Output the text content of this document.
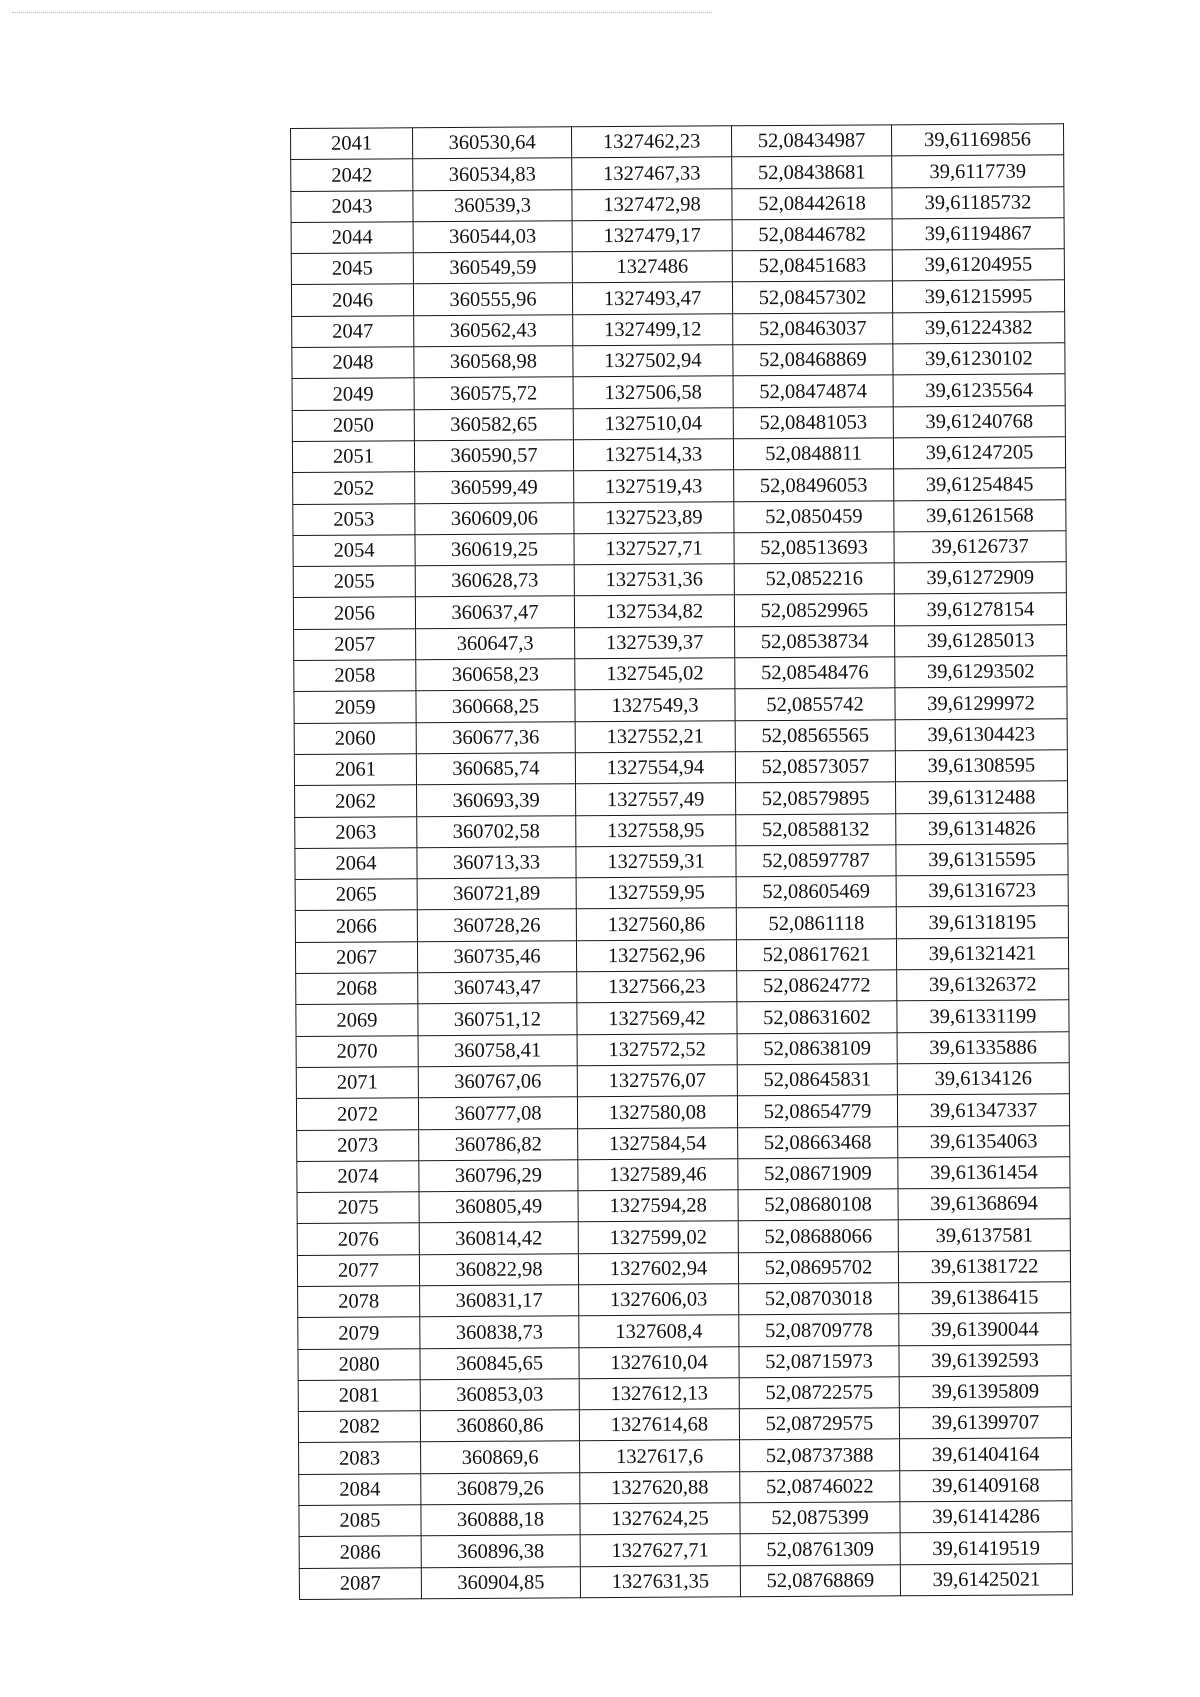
2041	360530,64	1327462,23	52,08434987	39,61169856
2042	360534,83	1327467,33	52,08438681	39,6117739
2043	360539,3	1327472,98	52,08442618	39,61185732
2044	360544,03	1327479,17	52,08446782	39,61194867
2045	360549,59	1327486	52,08451683	39,61204955
2046	360555,96	1327493,47	52,08457302	39,61215995
2047	360562,43	1327499,12	52,08463037	39,61224382
2048	360568,98	1327502,94	52,08468869	39,61230102
2049	360575,72	1327506,58	52,08474874	39,61235564
2050	360582,65	1327510,04	52,08481053	39,61240768
2051	360590,57	1327514,33	52,0848811	39,61247205
2052	360599,49	1327519,43	52,08496053	39,61254845
2053	360609,06	1327523,89	52,0850459	39,61261568
2054	360619,25	1327527,71	52,08513693	39,6126737
2055	360628,73	1327531,36	52,0852216	39,61272909
2056	360637,47	1327534,82	52,08529965	39,61278154
2057	360647,3	1327539,37	52,08538734	39,61285013
2058	360658,23	1327545,02	52,08548476	39,61293502
2059	360668,25	1327549,3	52,0855742	39,61299972
2060	360677,36	1327552,21	52,08565565	39,61304423
2061	360685,74	1327554,94	52,08573057	39,61308595
2062	360693,39	1327557,49	52,08579895	39,61312488
2063	360702,58	1327558,95	52,08588132	39,61314826
2064	360713,33	1327559,31	52,08597787	39,61315595
2065	360721,89	1327559,95	52,08605469	39,61316723
2066	360728,26	1327560,86	52,0861118	39,61318195
2067	360735,46	1327562,96	52,08617621	39,61321421
2068	360743,47	1327566,23	52,08624772	39,61326372
2069	360751,12	1327569,42	52,08631602	39,61331199
2070	360758,41	1327572,52	52,08638109	39,61335886
2071	360767,06	1327576,07	52,08645831	39,6134126
2072	360777,08	1327580,08	52,08654779	39,61347337
2073	360786,82	1327584,54	52,08663468	39,61354063
2074	360796,29	1327589,46	52,08671909	39,61361454
2075	360805,49	1327594,28	52,08680108	39,61368694
2076	360814,42	1327599,02	52,08688066	39,6137581
2077	360822,98	1327602,94	52,08695702	39,61381722
2078	360831,17	1327606,03	52,08703018	39,61386415
2079	360838,73	1327608,4	52,08709778	39,61390044
2080	360845,65	1327610,04	52,08715973	39,61392593
2081	360853,03	1327612,13	52,08722575	39,61395809
2082	360860,86	1327614,68	52,08729575	39,61399707
2083	360869,6	1327617,6	52,08737388	39,61404164
2084	360879,26	1327620,88	52,08746022	39,61409168
2085	360888,18	1327624,25	52,0875399	39,61414286
2086	360896,38	1327627,71	52,08761309	39,61419519
2087	360904,85	1327631,35	52,08768869	39,61425021
